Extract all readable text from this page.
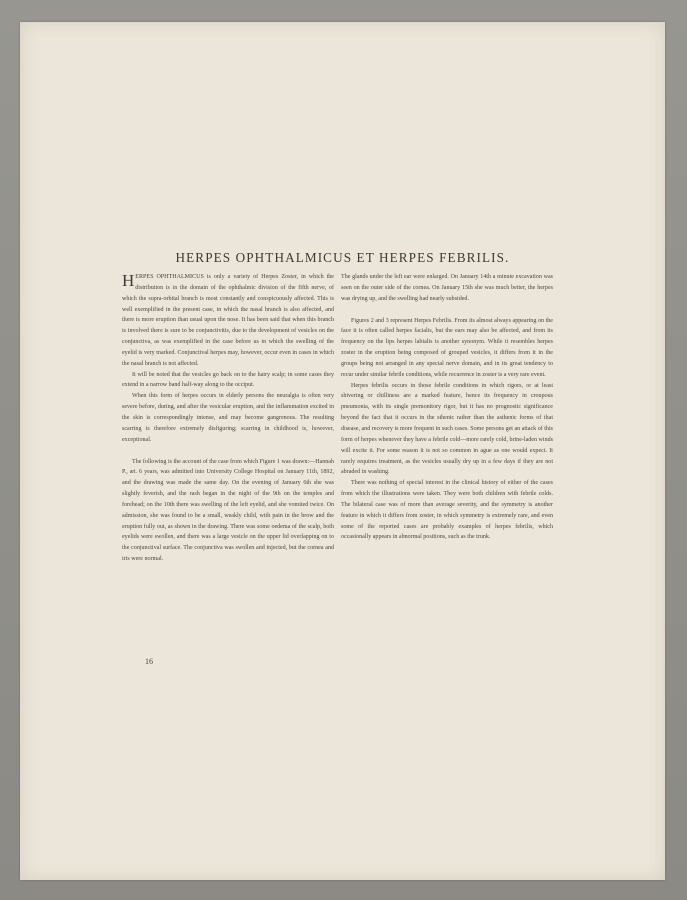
HERPES OPHTHALMICUS ET HERPES FEBRILIS.

HERPES OPHTHALMICUS is only a variety of Herpes Zoster, in which the distribution is in the domain of the ophthalmic division of the fifth nerve, of which the supra-orbital branch is most constantly and conspicuously affected. This is well exemplified in the present case, in which the nasal branch is also affected, and there is more eruption than usual upon the nose. It has been said that when this branch is involved there is sure to be conjunctivitis, due to the development of vesicles on the conjunctiva, as was exemplified in the case before us in which the swelling of the eyelid is very marked. Conjunctival herpes may, however, occur even in cases in which the nasal branch is not affected.

It will be noted that the vesicles go back on to the hairy scalp; in some cases they extend in a narrow band half-way along to the occiput.

When this form of herpes occurs in elderly persons the neuralgia is often very severe before, during, and after the vesicular eruption, and the inflammation excited in the skin is correspondingly intense, and may become gangrenous. The resulting scarring is therefore extremely disfiguring; scarring in childhood is, however, exceptional.

The following is the account of the case from which Figure 1 was drawn:—Hannah P., æt. 6 years, was admitted into University College Hospital on January 11th, 1892, and the drawing was made the same day. On the evening of January 6th she was slightly feverish, and the rash began in the night of the 9th on the temples and forehead; on the 10th there was swelling of the left eyelid, and she vomited twice. On admission, she was found to be a small, weakly child, with pain in the brow and the eruption fully out, as shown in the drawing. There was some oedema of the scalp, both eyelids were swollen, and there was a large vesicle on the upper lid overlapping on to the conjunctival surface. The conjunctiva was swollen and injected, but the cornea and iris were normal.

16

The glands under the left ear were enlarged. On January 14th a minute excavation was seen on the outer side of the cornea. On January 15th she was much better, the herpes was drying up, and the swelling had nearly subsided.

Figures 2 and 3 represent Herpes Febrilis. From its almost always appearing on the face it is often called herpes facialis, but the ears may also be affected, and from its frequency on the lips herpes labialis is another synonym. While it resembles herpes zoster in the eruption being composed of grouped vesicles, it differs from it in the groups being not arranged in any special nerve domain, and in its great tendency to recur under similar febrile conditions, while recurrence in zoster is a very rare event.

Herpes febrilis occurs in those febrile conditions in which rigors, or at least shivering or chilliness are a marked feature, hence its frequency in croupous pneumonia, with its single premonitory rigor, but it has no prognostic significance beyond the fact that it occurs in the sthenic rather than the asthenic forms of that disease, and recovery is more frequent in such cases. Some persons get an attack of this form of herpes whenever they have a febrile cold—more rarely cold, brine-laden winds will excite it. For some reason it is not so common in ague as one would expect. It rarely requires treatment, as the vesicles usually dry up in a few days if they are not abraded in washing.

There was nothing of special interest in the clinical history of either of the cases from which the illustrations were taken. They were both children with febrile colds. The bilateral case was of more than average severity, and the symmetry is another feature in which it differs from zoster, in which symmetry is extremely rare, and even some of the reported cases are probably examples of herpes febrilis, which occasionally appears in abnormal positions, such as the trunk.
